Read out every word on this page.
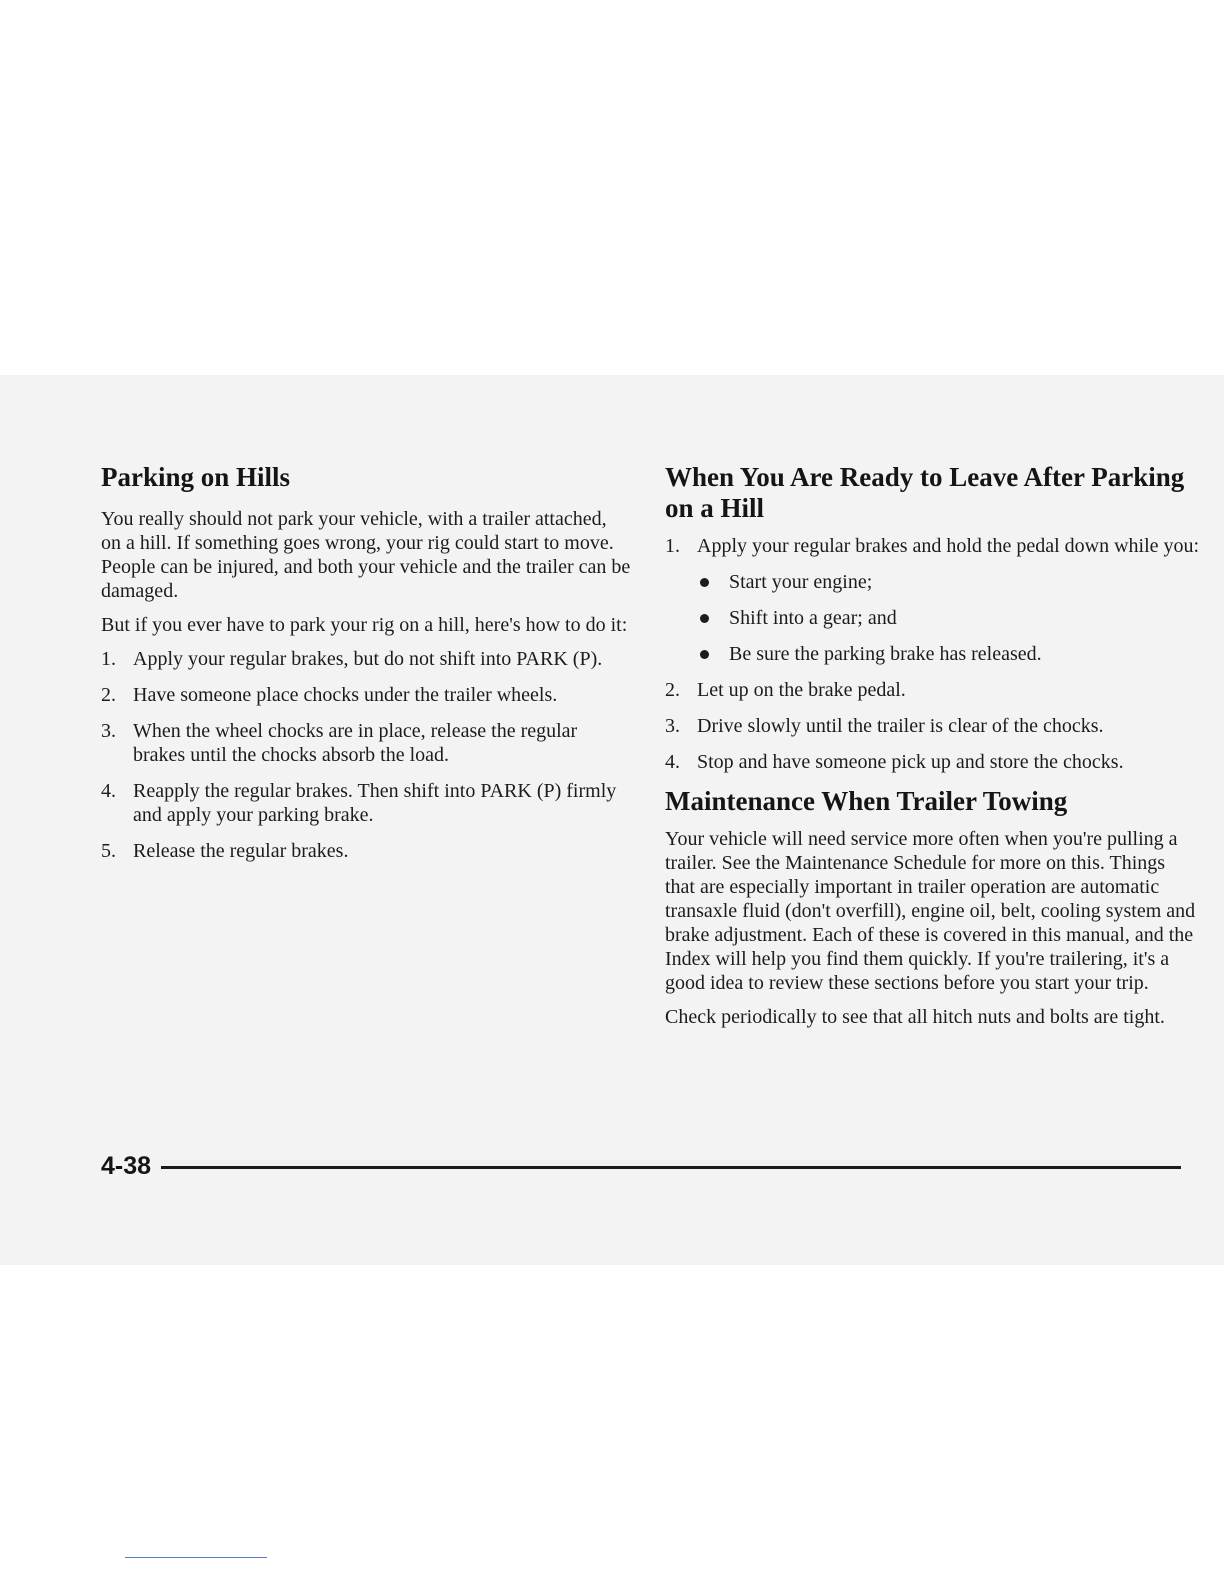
Parking on Hills

You really should not park your vehicle, with a trailer attached, on a hill. If something goes wrong, your rig could start to move. People can be injured, and both your vehicle and the trailer can be damaged.

But if you ever have to park your rig on a hill, here's how to do it:

1. Apply your regular brakes, but do not shift into PARK (P).
2. Have someone place chocks under the trailer wheels.
3. When the wheel chocks are in place, release the regular brakes until the chocks absorb the load.
4. Reapply the regular brakes. Then shift into PARK (P) firmly and apply your parking brake.
5. Release the regular brakes.
When You Are Ready to Leave After Parking on a Hill
1. Apply your regular brakes and hold the pedal down while you:
Start your engine;
Shift into a gear; and
Be sure the parking brake has released.
2. Let up on the brake pedal.
3. Drive slowly until the trailer is clear of the chocks.
4. Stop and have someone pick up and store the chocks.
Maintenance When Trailer Towing

Your vehicle will need service more often when you're pulling a trailer. See the Maintenance Schedule for more on this. Things that are especially important in trailer operation are automatic transaxle fluid (don't overfill), engine oil, belt, cooling system and brake adjustment. Each of these is covered in this manual, and the Index will help you find them quickly. If you're trailering, it's a good idea to review these sections before you start your trip.

Check periodically to see that all hitch nuts and bolts are tight.

4-38
